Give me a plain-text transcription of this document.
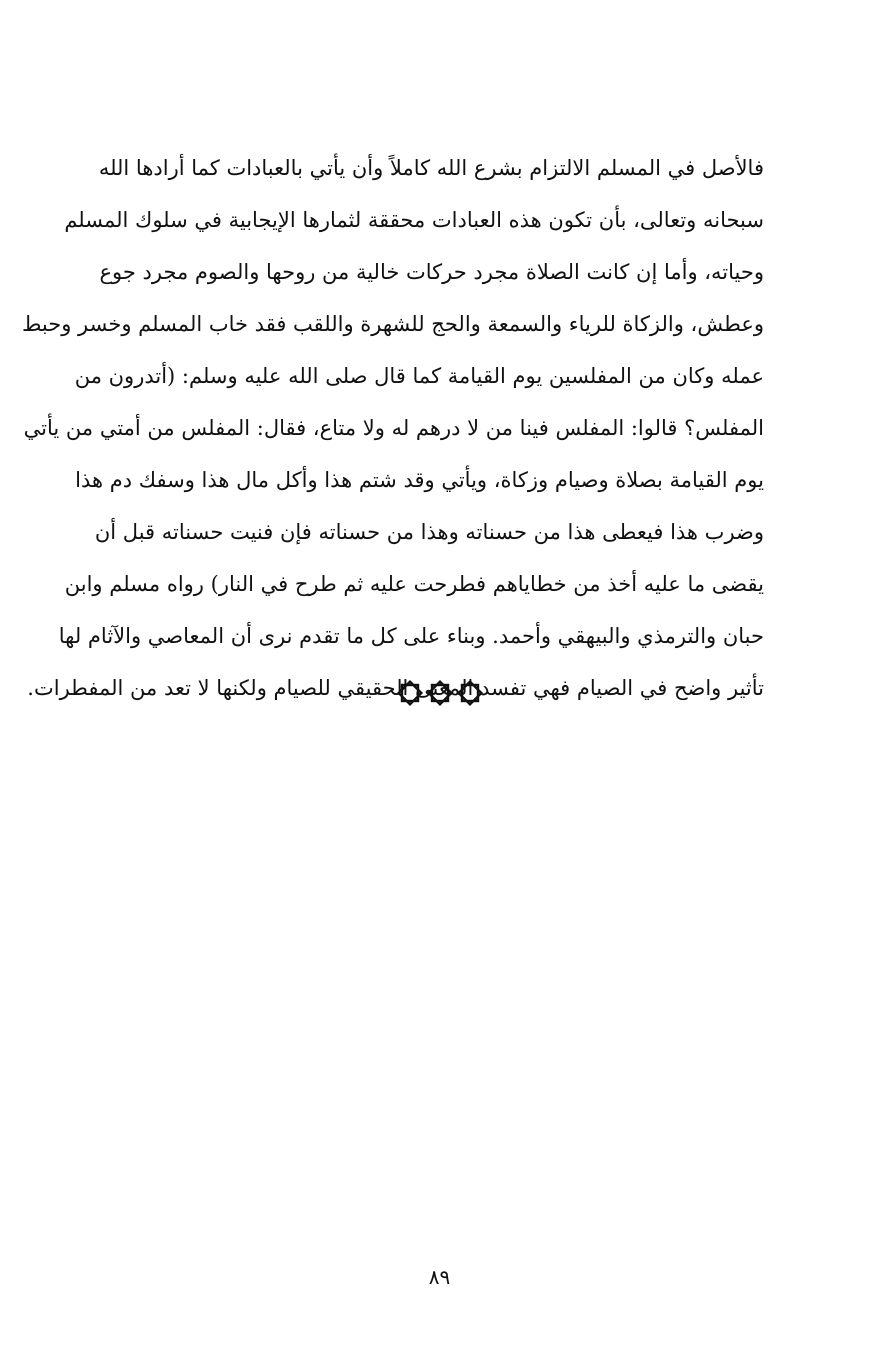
فالأصل في المسلم الالتزام بشرع الله كاملاً وأن يأتي بالعبادات كما أرادها الله
سبحانه وتعالى، بأن تكون هذه العبادات محققة لثمارها الإيجابية في سلوك المسلم
وحياته، وأما إن كانت الصلاة مجرد حركات خالية من روحها والصوم مجرد جوع
وعطش، والزكاة للرياء والسمعة والحج للشهرة واللقب فقد خاب المسلم وخسر وحبط
عمله وكان من المفلسين يوم القيامة كما قال صلى الله عليه وسلم: (أتدرون من
المفلس؟ قالوا: المفلس فينا من لا درهم له ولا متاع، فقال: المفلس من أمتي من يأتي
يوم القيامة بصلاة وصيام وزكاة، ويأتي وقد شتم هذا وأكل مال هذا وسفك دم هذا
وضرب هذا فيعطى هذا من حسناته وهذا من حسناته فإن فنيت حسناته قبل أن
يقضى ما عليه أخذ من خطاياهم فطرحت عليه ثم طرح في النار) رواه مسلم وابن
حبان والترمذي والبيهقي وأحمد. وبناء على كل ما تقدم نرى أن المعاصي والآثام لها
تأثير واضح في الصيام فهي تفسد المعنى الحقيقي للصيام ولكنها لا تعد من المفطرات.
٨٩
